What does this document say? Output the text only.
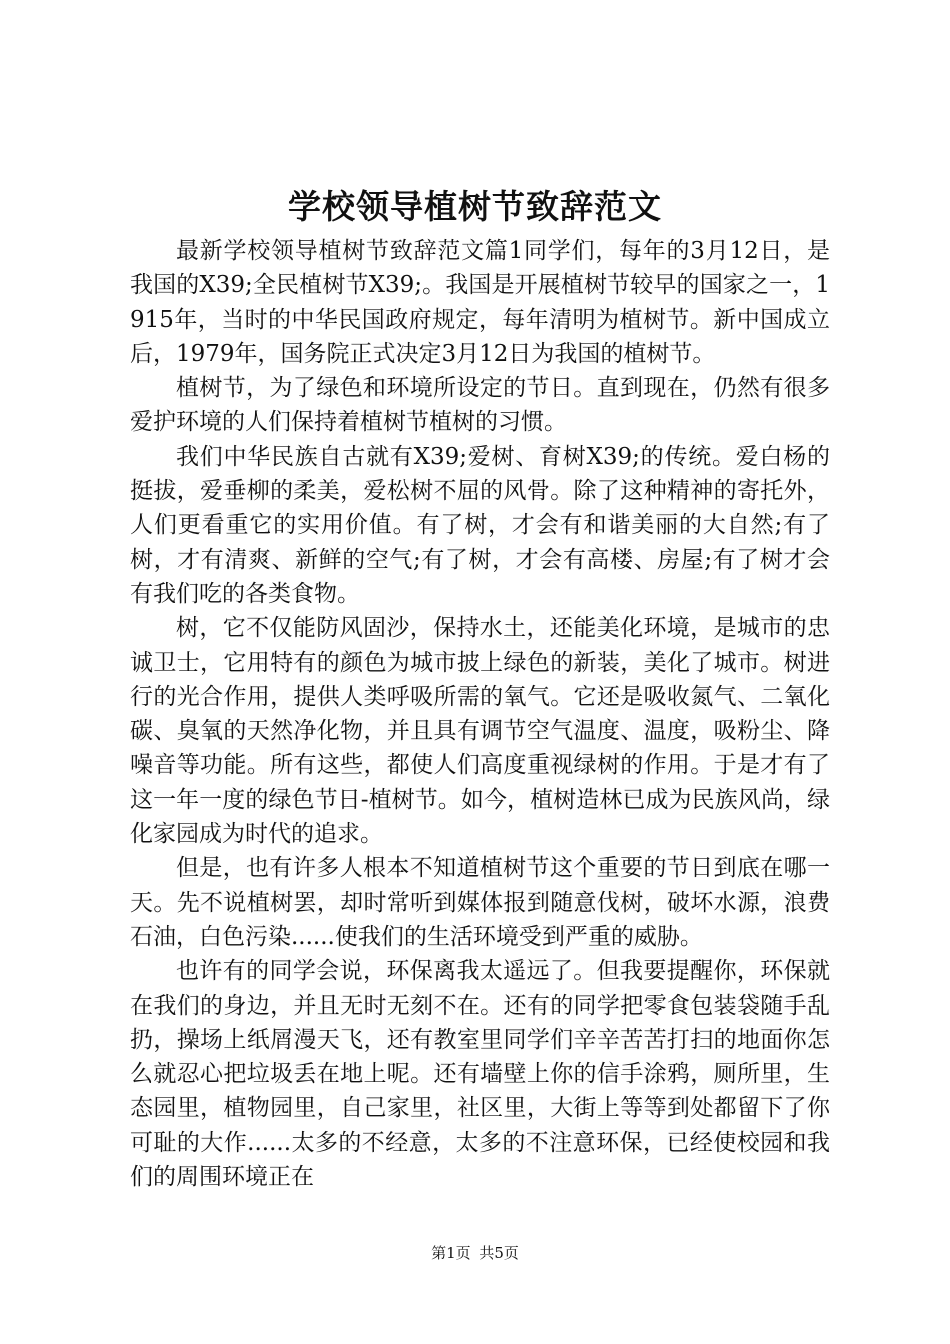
学校领导植树节致辞范文

最新学校领导植树节致辞范文篇1同学们，每年的3月12日，是我国的X39;全民植树节X39;。我国是开展植树节较早的国家之一，1915年，当时的中华民国政府规定，每年清明为植树节。新中国成立后，1979年，国务院正式决定3月12日为我国的植树节。

植树节，为了绿色和环境所设定的节日。直到现在，仍然有很多爱护环境的人们保持着植树节植树的习惯。

我们中华民族自古就有X39;爱树、育树X39;的传统。爱白杨的挺拔，爱垂柳的柔美，爱松树不屈的风骨。除了这种精神的寄托外，人们更看重它的实用价值。有了树，才会有和谐美丽的大自然;有了树，才有清爽、新鲜的空气;有了树，才会有高楼、房屋;有了树才会有我们吃的各类食物。

树，它不仅能防风固沙，保持水土，还能美化环境，是城市的忠诚卫士，它用特有的颜色为城市披上绿色的新装，美化了城市。树进行的光合作用，提供人类呼吸所需的氧气。它还是吸收氮气、二氧化碳、臭氧的天然净化物，并且具有调节空气温度、温度，吸粉尘、降噪音等功能。所有这些，都使人们高度重视绿树的作用。于是才有了这一年一度的绿色节日-植树节。如今，植树造林已成为民族风尚，绿化家园成为时代的追求。

但是，也有许多人根本不知道植树节这个重要的节日到底在哪一天。先不说植树罢，却时常听到媒体报到随意伐树，破坏水源，浪费石油，白色污染......使我们的生活环境受到严重的威胁。

也许有的同学会说，环保离我太遥远了。但我要提醒你，环保就在我们的身边，并且无时无刻不在。还有的同学把零食包装袋随手乱扔，操场上纸屑漫天飞，还有教室里同学们辛辛苦苦打扫的地面你怎么就忍心把垃圾丢在地上呢。还有墙壁上你的信手涂鸦，厕所里，生态园里，植物园里，自己家里，社区里，大街上等等到处都留下了你可耻的大作......太多的不经意，太多的不注意环保，已经使校园和我们的周围环境正在

第1页 共5页
